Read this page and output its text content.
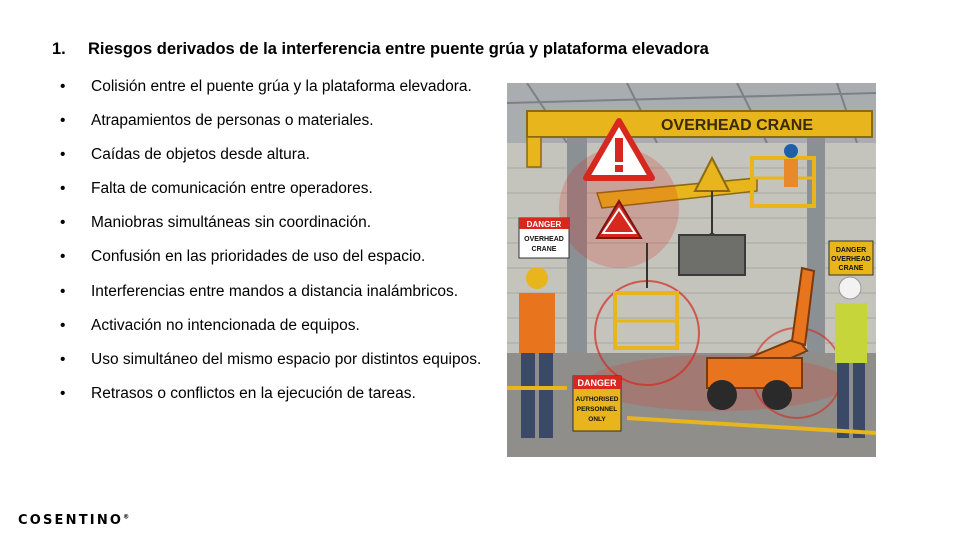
1. Riesgos derivados de la interferencia entre puente grúa y plataforma elevadora
•	Colisión entre el puente grúa y la plataforma elevadora.
•	Atrapamientos de personas o materiales.
•	Caídas de objetos desde altura.
•	Falta de comunicación entre operadores.
•	Maniobras simultáneas sin coordinación.
•	Confusión en las prioridades de uso del espacio.
•	Interferencias entre mandos a distancia inalámbricos.
•	Activación no intencionada de equipos.
•	Uso simultáneo del mismo espacio por distintos equipos.
•	Retrasos o conflictos en la ejecución de tareas.
OVERHEAD CRANE
DANGER
OVERHEAD
CRANE	DANGER
OVERHEAD
CRANE
DANGER
AUTHORISED
PERSONNEL
ONLY
COSENTINO®
